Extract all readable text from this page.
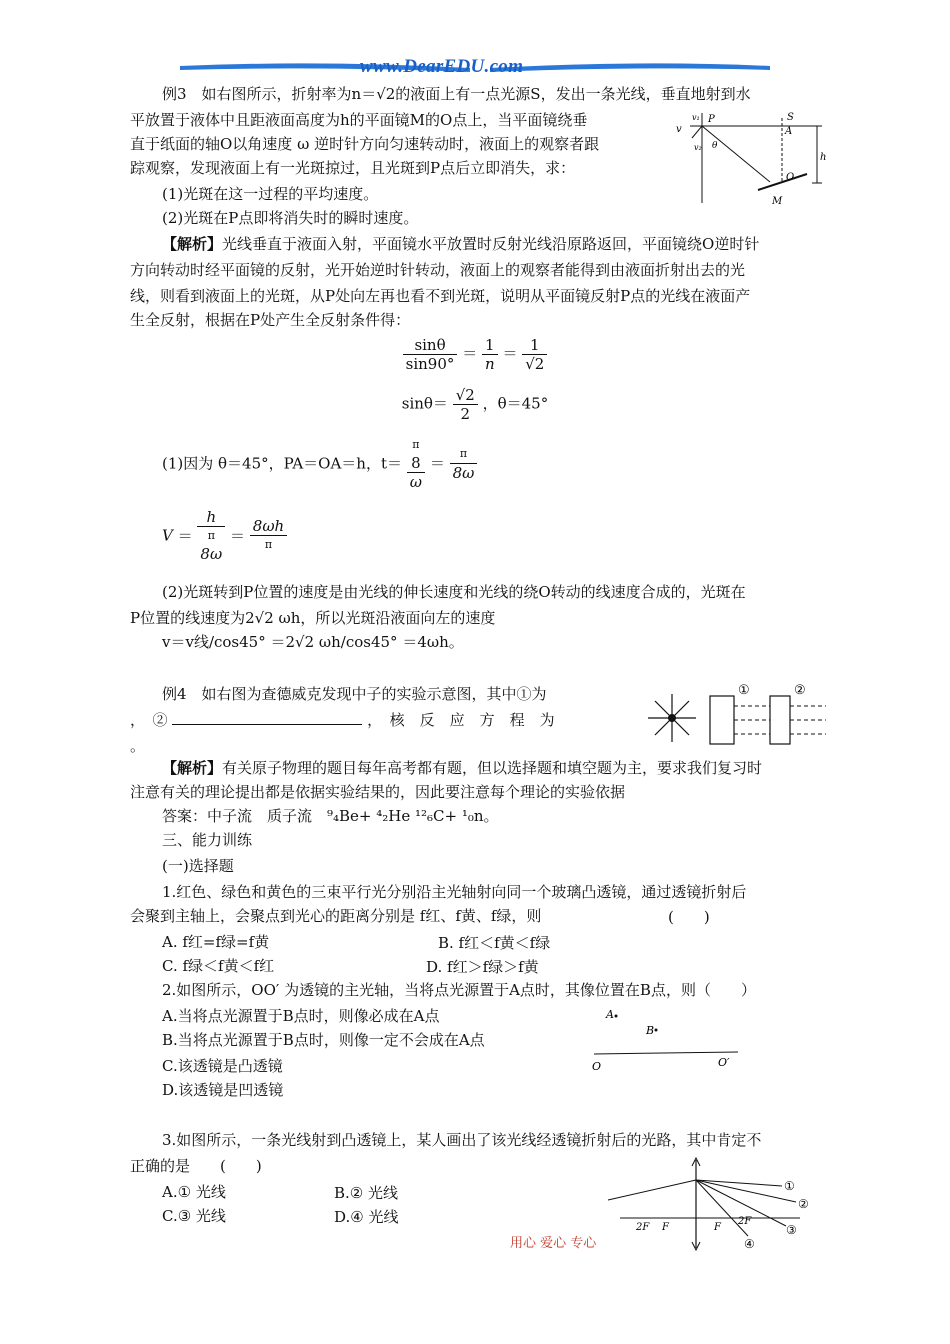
www.DearEDU.com
例3　如右图所示，折射率为n＝√2的液面上有一点光源S，发出一条光线，垂直地射到水
平放置于液体中且距液面高度为h的平面镜M的O点上，当平面镜绕垂
直于纸面的轴O以角速度 ω 逆时针方向匀速转动时，液面上的观察者跟
踪观察，发现液面上有一光斑掠过，且光斑到P点后立即消失，求：
(1)光斑在这一过程的平均速度。
(2)光斑在P点即将消失时的瞬时速度。
P	S
A
v
v₁
v₂ θ
h
O
M
【解析】光线垂直于液面入射，平面镜水平放置时反射光线沿原路返回，平面镜绕O逆时针
方向转动时经平面镜的反射，光开始逆时针转动，液面上的观察者能得到由液面折射出去的光
线，则看到液面上的光斑，从P处向左再也看不到光斑，说明从平面镜反射P点的光线在液面产
生全反射，根据在P处产生全反射条件得：
$\frac{\sin\theta}{\sin 90^\circ} = \frac{1}{n} = \frac{1}{√2}$
$\sin\theta= \frac{√2}{2}$ ，θ＝45°
(1)因为 θ＝45°，PA＝OA＝h，t＝
π
8
ω
＝ $\frac{\pi}{8\omega}$
V ＝
h
π
8ω
＝ $\frac{8\omega h}{\pi}$
(2)光斑转到P位置的速度是由光线的伸长速度和光线的绕O转动的线速度合成的，光斑在
P位置的线速度为2√2 ωh，所以光斑沿液面向左的速度
v＝v线/cos45° ＝2√2 ωh/cos45° ＝4ωh。
例4　如右图为查德威克发现中子的实验示意图，其中①为
，　②	，　核　反　应　方　程　为
。
①	②
【解析】有关原子物理的题目每年高考都有题，但以选择题和填空题为主，要求我们复习时
注意有关的理论提出都是依据实验结果的，因此要注意每个理论的实验依据
答案：中子流　质子流　⁹₄Be+ ⁴₂He ¹²₆C+ ¹₀n。
三、能力训练
(一)选择题
1.红色、绿色和黄色的三束平行光分别沿主光轴射向同一个玻璃凸透镜，通过透镜折射后
会聚到主轴上，会聚点到光心的距离分别是 f红、f黄、f绿，则	(　　)
A. f红=f绿=f黄	B. f红＜f黄＜f绿
C. f绿＜f黄＜f红	D. f红＞f绿＞f黄
2.如图所示，OO′ 为透镜的主光轴，当将点光源置于A点时，其像位置在B点，则（　　）
A.当将点光源置于B点时，则像必成在A点
B.当将点光源置于B点时，则像一定不会成在A点
C.该透镜是凸透镜
D.该透镜是凹透镜
A
B
O	O′
3.如图所示，一条光线射到凸透镜上，某人画出了该光线经透镜折射后的光路，其中肯定不
正确的是　　(　　)
A.① 光线	B.② 光线
C.③ 光线	D.④ 光线
2F F	F
2F
①
②
③
④
用心 爱心 专心
